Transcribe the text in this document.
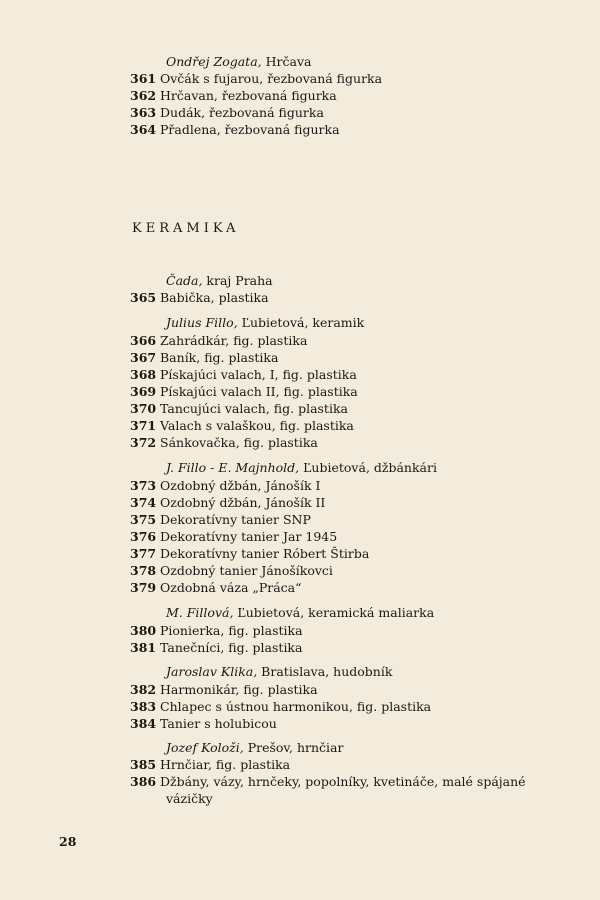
Ondřej Zogata, Hrčava
361 Ovčák s fujarou, řezbovaná figurka
362 Hrčavan, řezbovaná figurka
363 Dudák, řezbovaná figurka
364 Přadlena, řezbovaná figurka
KERAMIKA
Čada, kraj Praha
365 Babička, plastika
Julius Fillo, Ľubietová, keramik
366 Zahrádkár, fig. plastika
367 Baník, fig. plastika
368 Pískajúci valach, I, fig. plastika
369 Pískajúci valach II, fig. plastika
370 Tancujúci valach, fig. plastika
371 Valach s valaškou, fig. plastika
372 Sánkovačka, fig. plastika
J. Fillo - E. Majnhold, Ľubietová, džbánkári
373 Ozdobný džbán, Jánošík I
374 Ozdobný džbán, Jánošík II
375 Dekoratívny tanier SNP
376 Dekoratívny tanier Jar 1945
377 Dekoratívny tanier Róbert Štirba
378 Ozdobný tanier Jánošíkovci
379 Ozdobná váza „Práca“
M. Fillová, Ľubietová, keramická maliarka
380 Pionierka, fig. plastika
381 Tanečníci, fig. plastika
Jaroslav Klika, Bratislava, hudobník
382 Harmonikár, fig. plastika
383 Chlapec s ústnou harmonikou, fig. plastika
384 Tanier s holubicou
Jozef Koloži, Prešov, hrnčiar
385 Hrnčiar, fig. plastika
386 Džbány, vázy, hrnčeky, popolníky, kvetináče, malé spájané
vázičky
28
